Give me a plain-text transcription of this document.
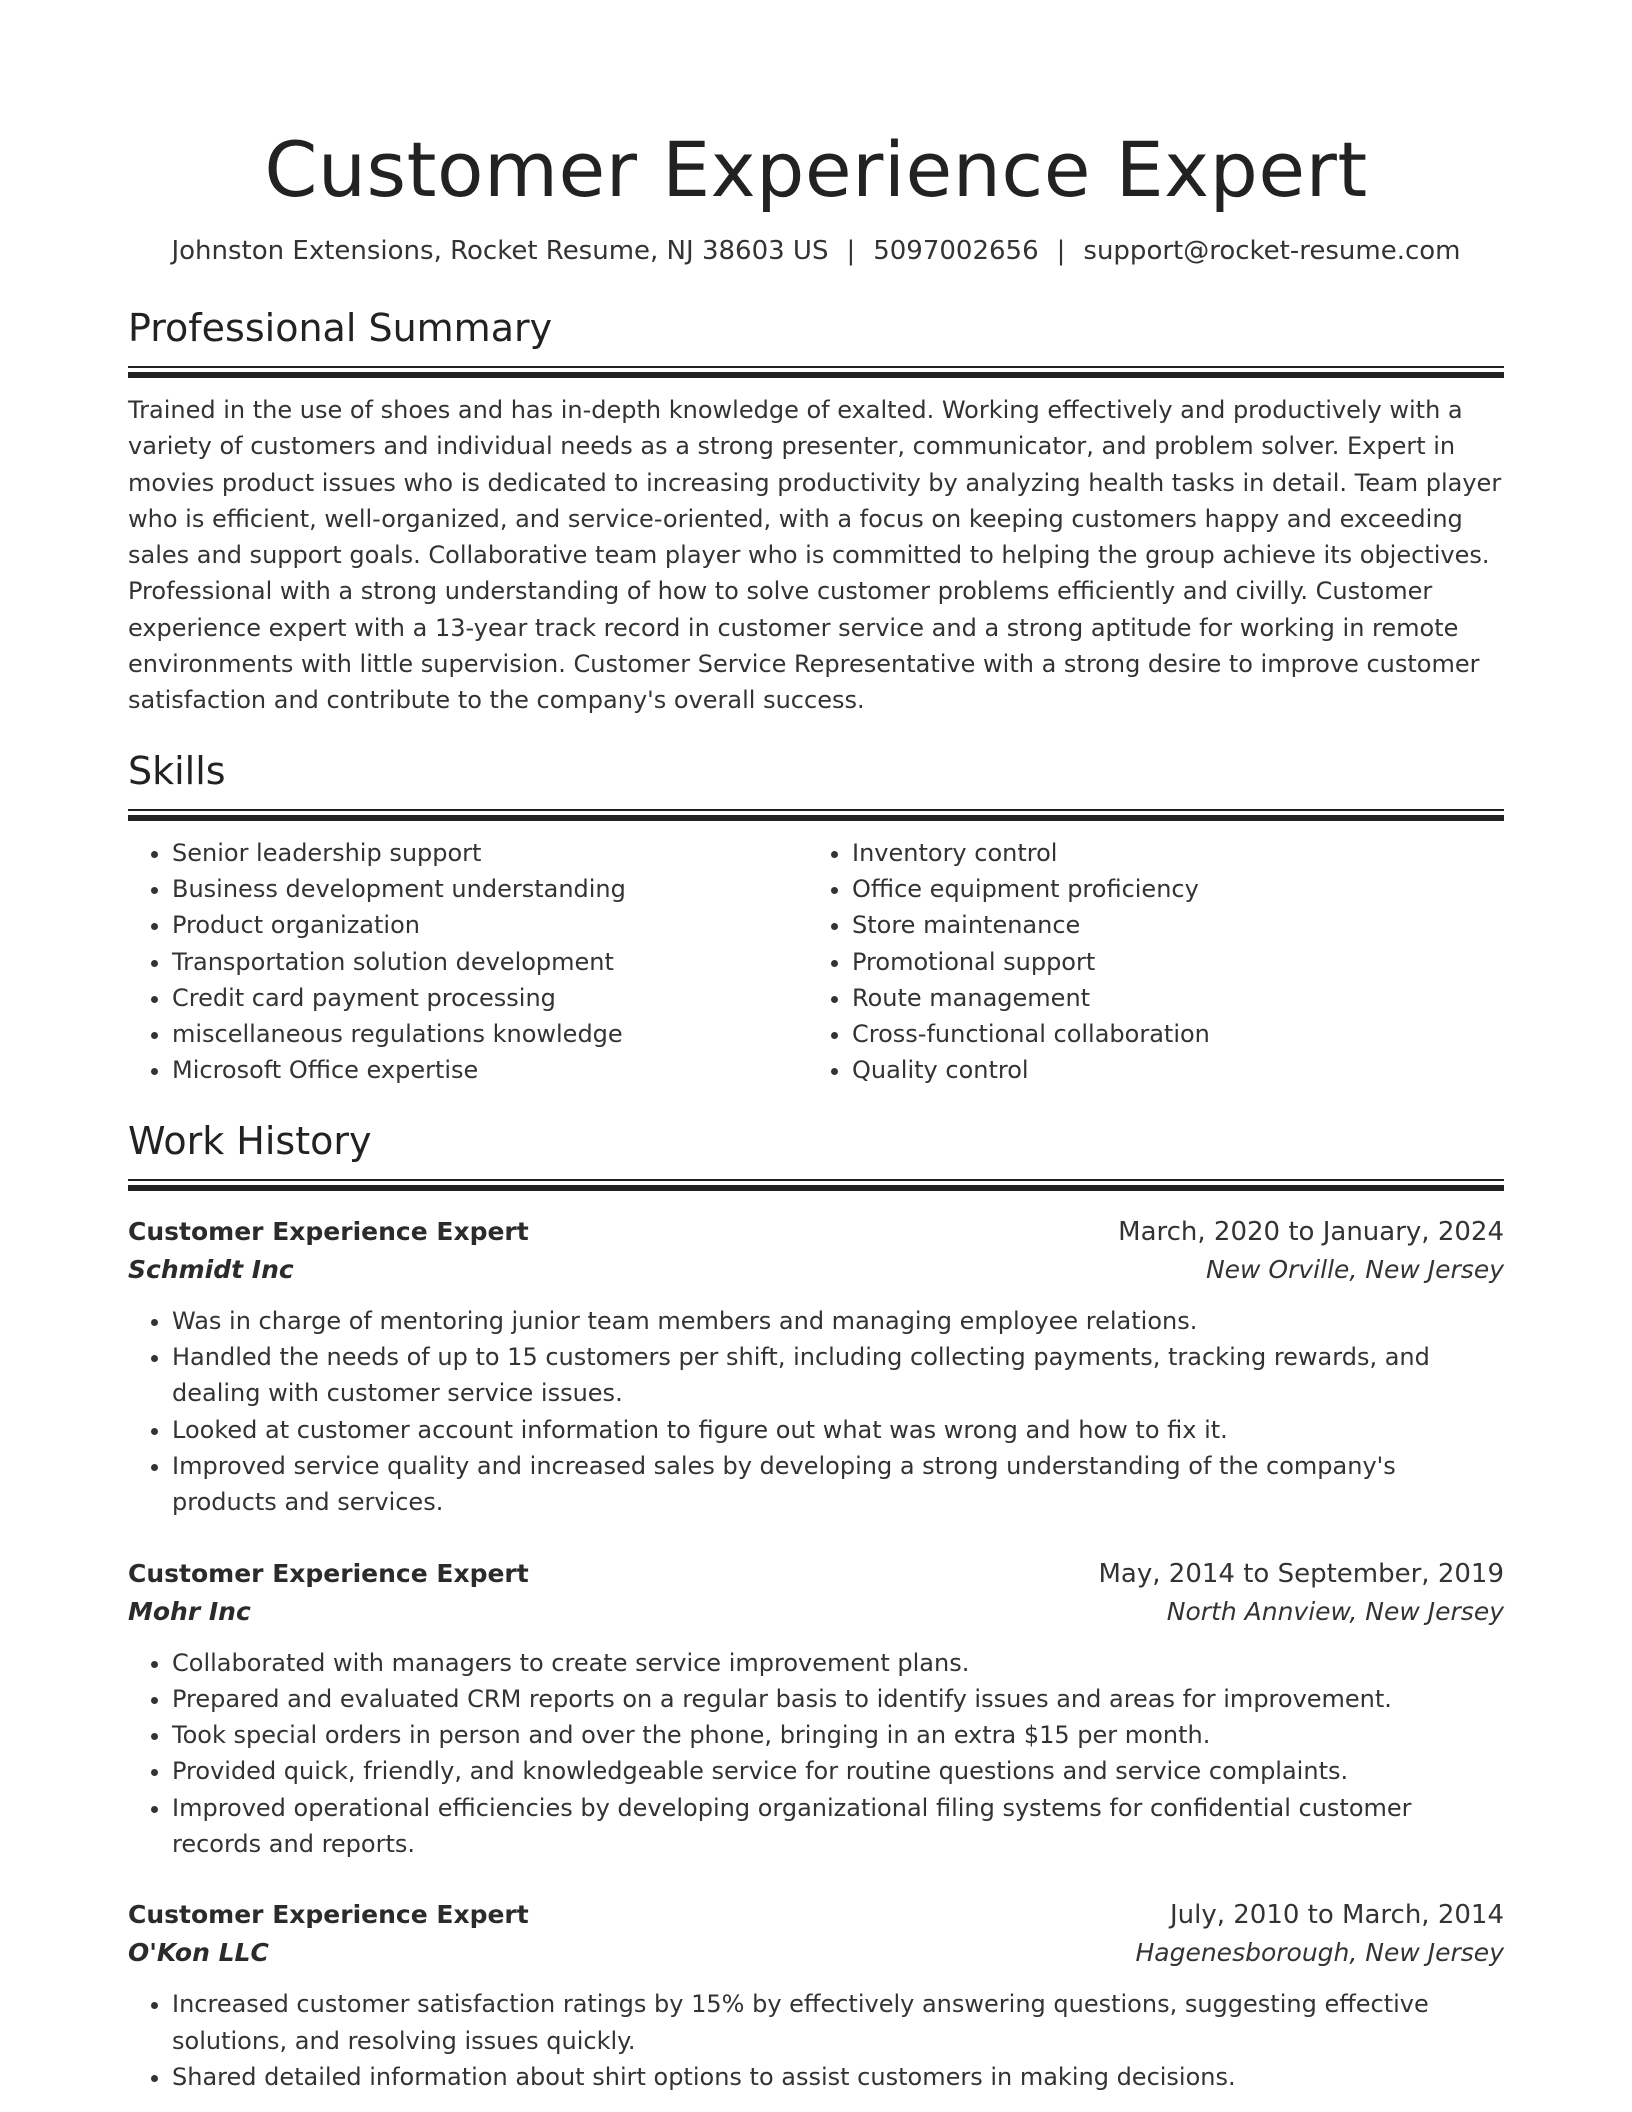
Customer Experience Expert
Johnston Extensions, Rocket Resume, NJ 38603 US | 5097002656 | support@rocket-resume.com
Professional Summary

Trained in the use of shoes and has in-depth knowledge of exalted. Working effectively and productively with a variety of customers and individual needs as a strong presenter, communicator, and problem solver. Expert in movies product issues who is dedicated to increasing productivity by analyzing health tasks in detail. Team player who is efficient, well-organized, and service-oriented, with a focus on keeping customers happy and exceeding sales and support goals. Collaborative team player who is committed to helping the group achieve its objectives. Professional with a strong understanding of how to solve customer problems efficiently and civilly. Customer experience expert with a 13-year track record in customer service and a strong aptitude for working in remote environments with little supervision. Customer Service Representative with a strong desire to improve customer satisfaction and contribute to the company's overall success.

Skills
• Senior leadership support
• Business development understanding
• Product organization
• Transportation solution development
• Credit card payment processing
• miscellaneous regulations knowledge
• Microsoft Office expertise
• Inventory control
• Office equipment proficiency
• Store maintenance
• Promotional support
• Route management
• Cross-functional collaboration
• Quality control
Work History
Customer Experience Expert	March, 2020 to January, 2024
Schmidt Inc	New Orville, New Jersey
• Was in charge of mentoring junior team members and managing employee relations.
• Handled the needs of up to 15 customers per shift, including collecting payments, tracking rewards, and dealing with customer service issues.
• Looked at customer account information to figure out what was wrong and how to fix it.
• Improved service quality and increased sales by developing a strong understanding of the company's products and services.
Customer Experience Expert	May, 2014 to September, 2019
Mohr Inc	North Annview, New Jersey
• Collaborated with managers to create service improvement plans.
• Prepared and evaluated CRM reports on a regular basis to identify issues and areas for improvement.
• Took special orders in person and over the phone, bringing in an extra $15 per month.
• Provided quick, friendly, and knowledgeable service for routine questions and service complaints.
• Improved operational efficiencies by developing organizational filing systems for confidential customer records and reports.
Customer Experience Expert	July, 2010 to March, 2014
O'Kon LLC	Hagenesborough, New Jersey
• Increased customer satisfaction ratings by 15% by effectively answering questions, suggesting effective solutions, and resolving issues quickly.
• Shared detailed information about shirt options to assist customers in making decisions.
